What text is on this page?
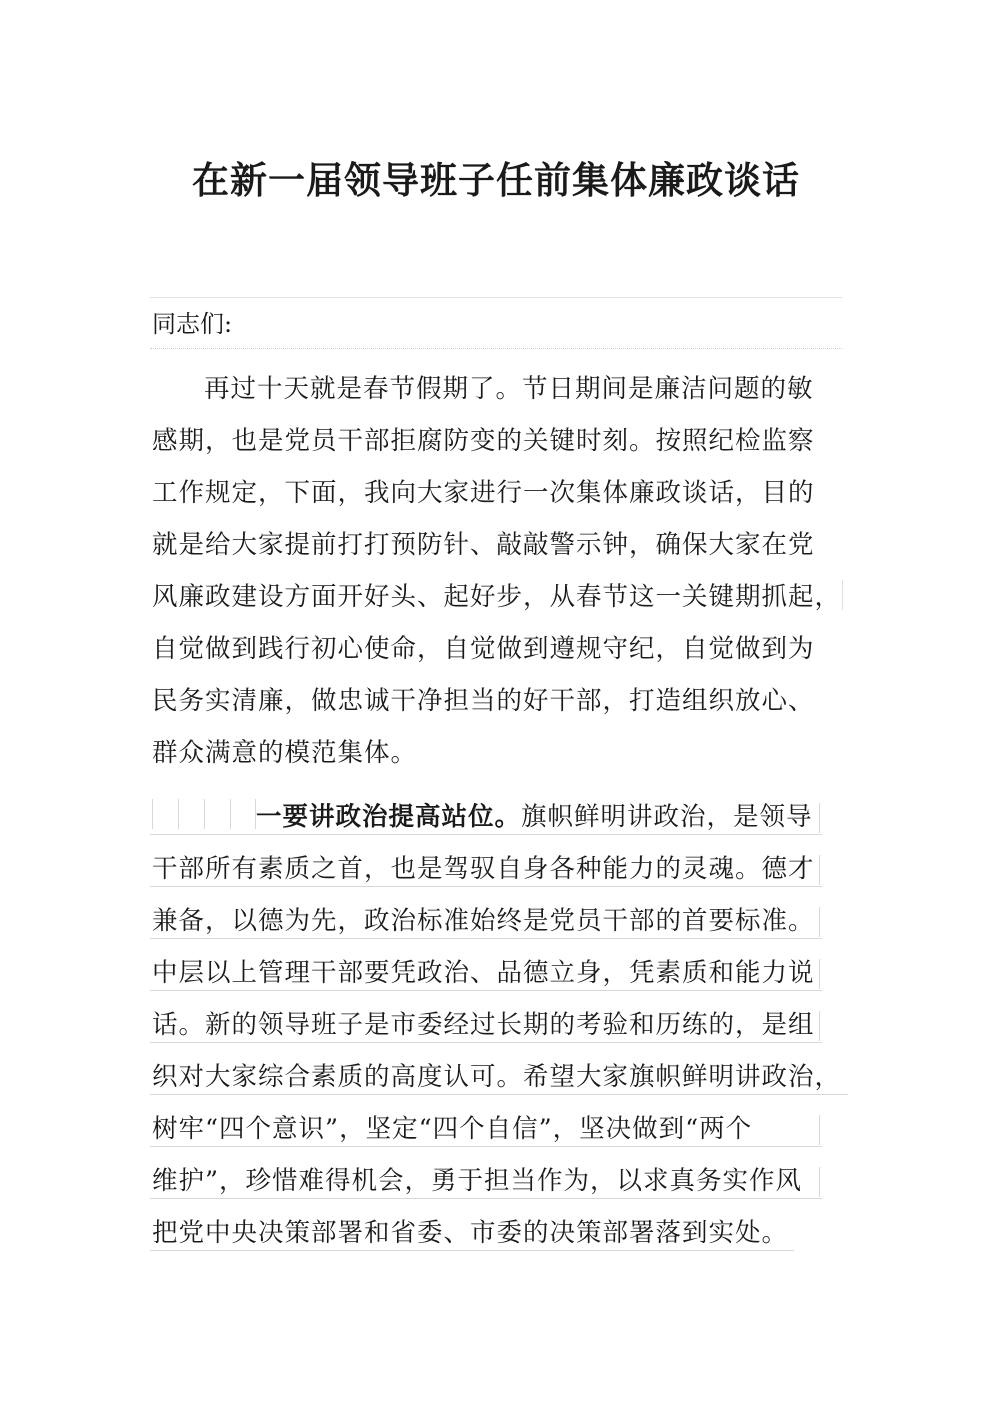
在新一届领导班子任前集体廉政谈话

同志们:

再过十天就是春节假期了。节日期间是廉洁问题的敏
感期，也是党员干部拒腐防变的关键时刻。按照纪检监察
工作规定，下面，我向大家进行一次集体廉政谈话，目的
就是给大家提前打打预防针、敲敲警示钟，确保大家在党
风廉政建设方面开好头、起好步，从春节这一关键期抓起，
自觉做到践行初心使命，自觉做到遵规守纪，自觉做到为
民务实清廉，做忠诚干净担当的好干部，打造组织放心、
群众满意的模范集体。
一要讲政治提高站位。旗帜鲜明讲政治，是领导
干部所有素质之首，也是驾驭自身各种能力的灵魂。德才
兼备，以德为先，政治标准始终是党员干部的首要标准。
中层以上管理干部要凭政治、品德立身，凭素质和能力说
话。新的领导班子是市委经过长期的考验和历练的，是组
织对大家综合素质的高度认可。希望大家旗帜鲜明讲政治，
树牢“四个意识”，坚定“四个自信”，坚决做到“两个
维护”，珍惜难得机会，勇于担当作为，以求真务实作风
把党中央决策部署和省委、市委的决策部署落到实处。
